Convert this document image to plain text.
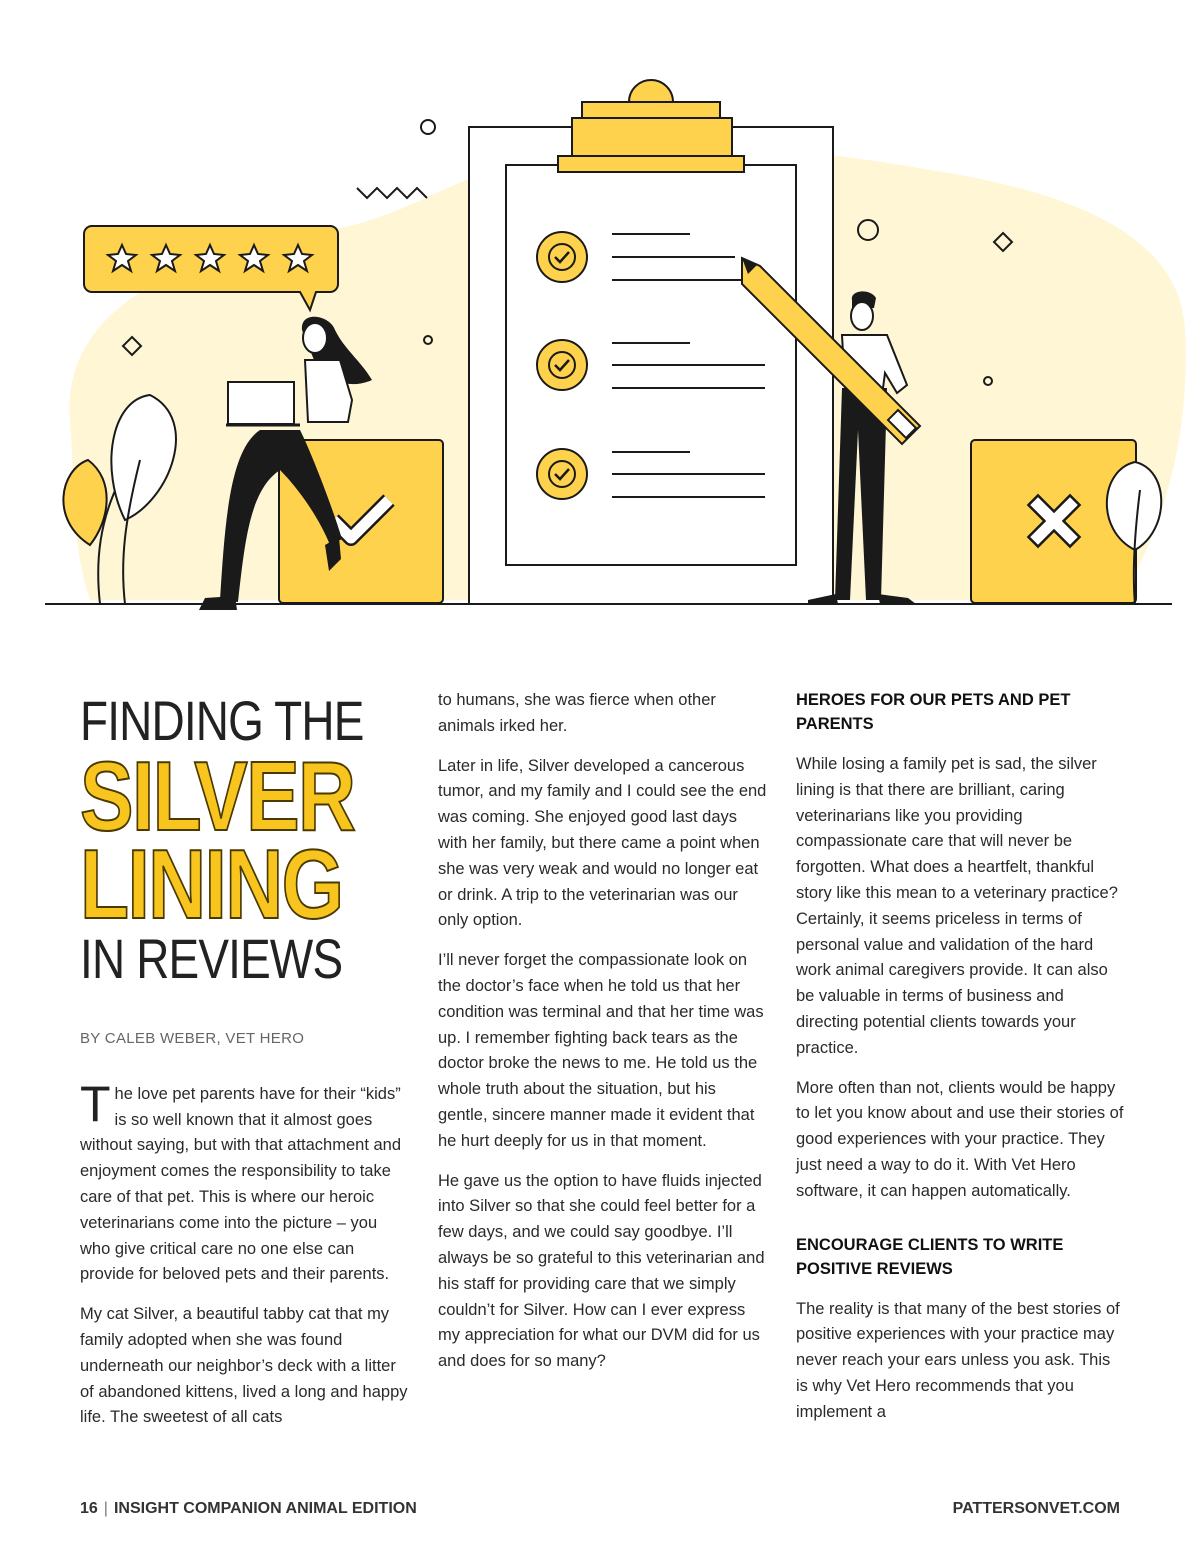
FINDING THE
SILVER
LINING
IN REVIEWS
BY CALEB WEBER, VET HERO

The love pet parents have for their “kids” is so well known that it almost goes without saying, but with that attachment and enjoyment comes the responsibility to take care of that pet. This is where our heroic veterinarians come into the picture – you who give critical care no one else can provide for beloved pets and their parents.

My cat Silver, a beautiful tabby cat that my family adopted when she was found underneath our neighbor’s deck with a litter of abandoned kittens, lived a long and happy life. The sweetest of all cats

to humans, she was fierce when other animals irked her.

Later in life, Silver developed a cancerous tumor, and my family and I could see the end was coming. She enjoyed good last days with her family, but there came a point when she was very weak and would no longer eat or drink. A trip to the veterinarian was our only option.

I’ll never forget the compassionate look on the doctor’s face when he told us that her condition was terminal and that her time was up. I remember fighting back tears as the doctor broke the news to me. He told us the whole truth about the situation, but his gentle, sincere manner made it evident that he hurt deeply for us in that moment.

He gave us the option to have fluids injected into Silver so that she could feel better for a few days, and we could say goodbye. I’ll always be so grateful to this veterinarian and his staff for providing care that we simply couldn’t for Silver. How can I ever express my appreciation for what our DVM did for us and does for so many?

HEROES FOR OUR PETS AND PET PARENTS

While losing a family pet is sad, the silver lining is that there are brilliant, caring veterinarians like you providing compassionate care that will never be forgotten. What does a heartfelt, thankful story like this mean to a veterinary practice? Certainly, it seems priceless in terms of personal value and validation of the hard work animal caregivers provide. It can also be valuable in terms of business and directing potential clients towards your practice.

More often than not, clients would be happy to let you know about and use their stories of good experiences with your practice. They just need a way to do it. With Vet Hero software, it can happen automatically.

ENCOURAGE CLIENTS TO WRITE POSITIVE REVIEWS

The reality is that many of the best stories of positive experiences with your practice may never reach your ears unless you ask. This is why Vet Hero recommends that you implement a

16 | INSIGHT COMPANION ANIMAL EDITION	PATTERSONVET.COM
